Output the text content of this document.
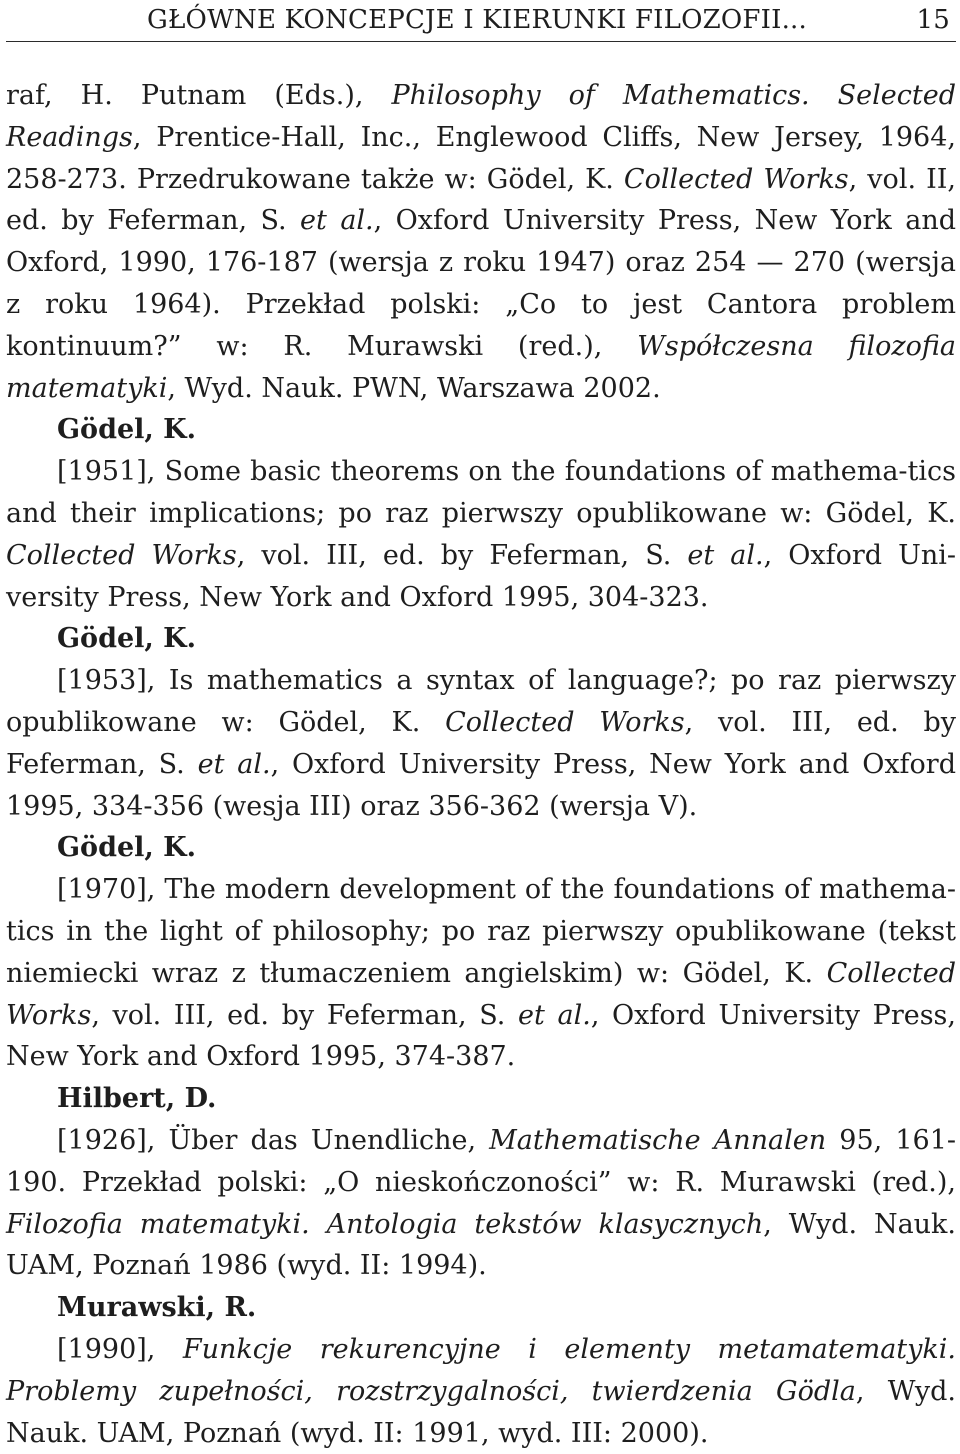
GŁÓWNE KONCEPCJE I KIERUNKI FILOZOFII...	15

raf, H. Putnam (Eds.), Philosophy of Mathematics. Selected Readings, Prentice-Hall, Inc., Englewood Cliffs, New Jersey, 1964, 258-273. Przedrukowane także w: Gödel, K. Collected Works, vol. II, ed. by Feferman, S. et al., Oxford University Press, New York and Oxford, 1990, 176-187 (wersja z roku 1947) oraz 254 — 270 (wersja z roku 1964). Przekład polski: „Co to jest Cantora problem kontinuum?” w: R. Murawski (red.), Współczesna filozofia matematyki, Wyd. Nauk. PWN, Warszawa 2002.

Gödel, K.

[1951], Some basic theorems on the foundations of mathema-tics and their implications; po raz pierwszy opublikowane w: Gödel, K. Collected Works, vol. III, ed. by Feferman, S. et al., Oxford Uni-versity Press, New York and Oxford 1995, 304-323.

Gödel, K.

[1953], Is mathematics a syntax of language?; po raz pierwszy opublikowane w: Gödel, K. Collected Works, vol. III, ed. by Feferman, S. et al., Oxford University Press, New York and Oxford 1995, 334-356 (wesja III) oraz 356-362 (wersja V).

Gödel, K.

[1970], The modern development of the foundations of mathema-tics in the light of philosophy; po raz pierwszy opublikowane (tekst niemiecki wraz z tłumaczeniem angielskim) w: Gödel, K. Collected Works, vol. III, ed. by Feferman, S. et al., Oxford University Press, New York and Oxford 1995, 374-387.

Hilbert, D.

[1926], Über das Unendliche, Mathematische Annalen 95, 161-190. Przekład polski: „O nieskończoności” w: R. Murawski (red.), Filozofia matematyki. Antologia tekstów klasycznych, Wyd. Nauk. UAM, Poznań 1986 (wyd. II: 1994).

Murawski, R.

[1990], Funkcje rekurencyjne i elementy metamatematyki. Problemy zupełności, rozstrzygalności, twierdzenia Gödla, Wyd. Nauk. UAM, Poznań (wyd. II: 1991, wyd. III: 2000).
